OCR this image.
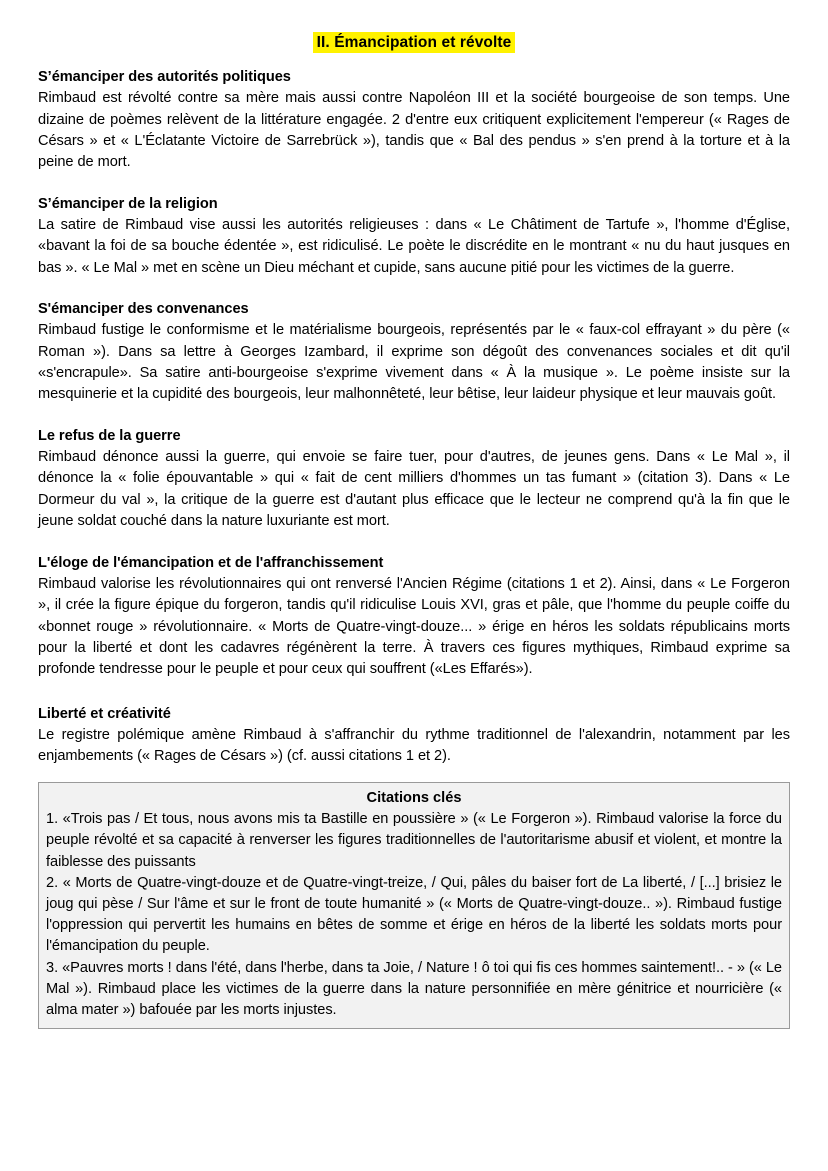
II. Émancipation et révolte
S’émanciper des autorités politiques

Rimbaud est révolté contre sa mère mais aussi contre Napoléon III et la société bourgeoise de son temps. Une dizaine de poèmes relèvent de la littérature engagée. 2 d'entre eux critiquent explicitement l'empereur (« Rages de Césars » et « L'Éclatante Victoire de Sarrebrück »), tandis que « Bal des pendus » s'en prend à la torture et à la peine de mort.

S’émanciper de la religion

La satire de Rimbaud vise aussi les autorités religieuses : dans « Le Châtiment de Tartufe », l'homme d'Église, «bavant la foi de sa bouche édentée », est ridiculisé. Le poète le discrédite en le montrant « nu du haut jusques en bas ». « Le Mal » met en scène un Dieu méchant et cupide, sans aucune pitié pour les victimes de la guerre.

S'émanciper des convenances

Rimbaud fustige le conformisme et le matérialisme bourgeois, représentés par le « faux-col effrayant » du père (« Roman »). Dans sa lettre à Georges Izambard, il exprime son dégoût des convenances sociales et dit qu'il «s'encrapule». Sa satire anti-bourgeoise s'exprime vivement dans « À la musique ». Le poème insiste sur la mesquinerie et la cupidité des bourgeois, leur malhonnêteté, leur bêtise, leur laideur physique et leur mauvais goût.

Le refus de la guerre

Rimbaud dénonce aussi la guerre, qui envoie se faire tuer, pour d'autres, de jeunes gens. Dans « Le Mal », il dénonce la « folie épouvantable » qui « fait de cent milliers d'hommes un tas fumant » (citation 3). Dans « Le Dormeur du val », la critique de la guerre est d'autant plus efficace que le lecteur ne comprend qu'à la fin que le jeune soldat couché dans la nature luxuriante est mort.

L'éloge de l'émancipation et de l'affranchissement

Rimbaud valorise les révolutionnaires qui ont renversé l'Ancien Régime (citations 1 et 2). Ainsi, dans « Le Forgeron », il crée la figure épique du forgeron, tandis qu'il ridiculise Louis XVI, gras et pâle, que l'homme du peuple coiffe du «bonnet rouge » révolutionnaire. « Morts de Quatre-vingt-douze... » érige en héros les soldats républicains morts pour la liberté et dont les cadavres régénèrent la terre. À travers ces figures mythiques, Rimbaud exprime sa profonde tendresse pour le peuple et pour ceux qui souffrent («Les Effarés»).

Liberté et créativité

Le registre polémique amène Rimbaud à s'affranchir du rythme traditionnel de l'alexandrin, notamment par les enjambements (« Rages de Césars ») (cf. aussi citations 1 et 2).

Citations clés

1. «Trois pas / Et tous, nous avons mis ta Bastille en poussière » (« Le Forgeron »). Rimbaud valorise la force du peuple révolté et sa capacité à renverser les figures traditionnelles de l'autoritarisme abusif et violent, et montre la faiblesse des puissants

2. « Morts de Quatre-vingt-douze et de Quatre-vingt-treize, / Qui, pâles du baiser fort de La liberté, / [...] brisiez le joug qui pèse / Sur l'âme et sur le front de toute humanité » (« Morts de Quatre-vingt-douze.. »). Rimbaud fustige l'oppression qui pervertit les humains en bêtes de somme et érige en héros de la liberté les soldats morts pour l'émancipation du peuple.

3. «Pauvres morts ! dans l'été, dans l'herbe, dans ta Joie, / Nature ! ô toi qui fis ces hommes saintement!.. - » (« Le Mal »). Rimbaud place les victimes de la guerre dans la nature personnifiée en mère génitrice et nourricière (« alma mater ») bafouée par les morts injustes.
